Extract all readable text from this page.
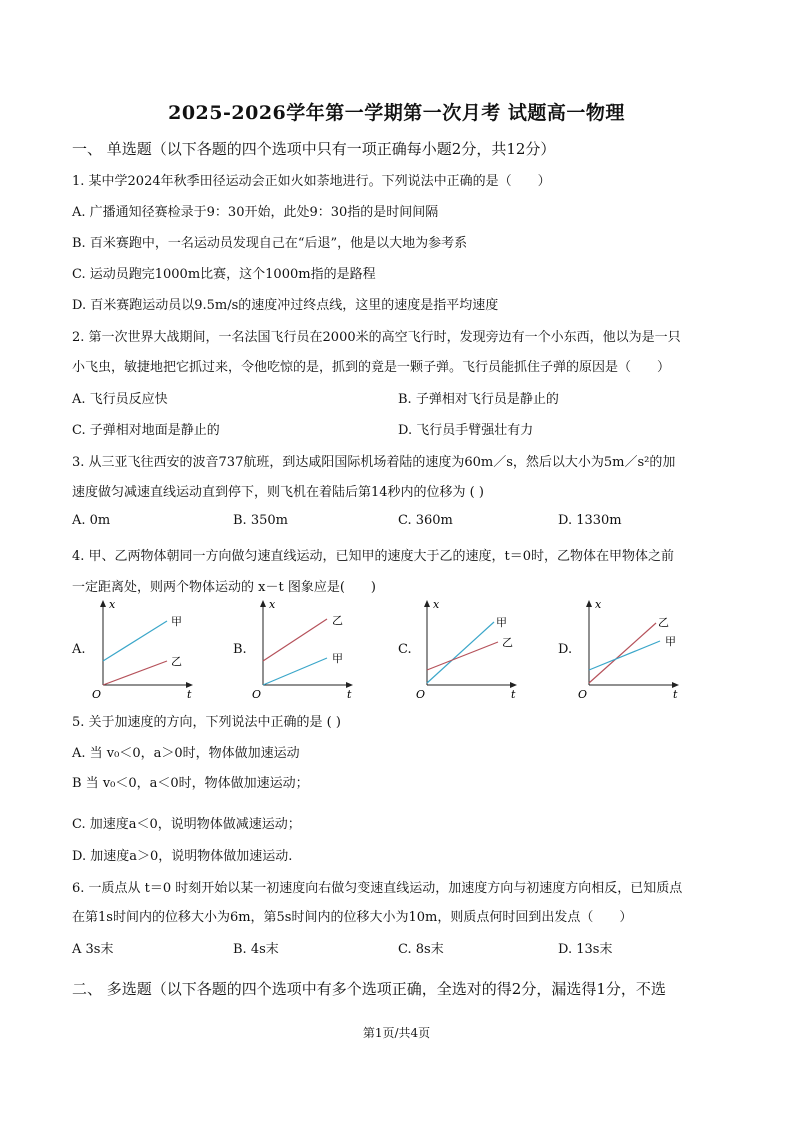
2025-2026学年第一学期第一次月考 试题高一物理
一、 单选题（以下各题的四个选项中只有一项正确每小题2分，共12分）
1. 某中学2024年秋季田径运动会正如火如荼地进行。下列说法中正确的是（　　）
A. 广播通知径赛检录于9：30开始，此处9：30指的是时间间隔
B. 百米赛跑中，一名运动员发现自己在“后退”，他是以大地为参考系
C. 运动员跑完1000m比赛，这个1000m指的是路程
D. 百米赛跑运动员以9.5m/s的速度冲过终点线，这里的速度是指平均速度
2. 第一次世界大战期间，一名法国飞行员在2000米的高空飞行时，发现旁边有一个小东西，他以为是一只
小飞虫，敏捷地把它抓过来，令他吃惊的是，抓到的竟是一颗子弹。飞行员能抓住子弹的原因是（　　）
A. 飞行员反应快	B. 子弹相对飞行员是静止的
C. 子弹相对地面是静止的	D. 飞行员手臂强壮有力
3. 从三亚飞往西安的波音737航班，到达咸阳国际机场着陆的速度为60m／s，然后以大小为5m／s²的加
速度做匀减速直线运动直到停下，则飞机在着陆后第14秒内的位移为 ( )
A. 0m	B. 350m	C. 360m	D. 1330m
4. 甲、乙两物体朝同一方向做匀速直线运动，已知甲的速度大于乙的速度，t＝0时，乙物体在甲物体之前
一定距离处，则两个物体运动的 x－t 图象应是(　　)
A.
x
t
O
甲
乙
B.
x
t
O
乙
甲
C.
x
t
O
甲
乙	D.
x
t
O
乙
甲
5. 关于加速度的方向，下列说法中正确的是 ( )
A. 当 v₀＜0，a＞0时，物体做加速运动
B 当 v₀＜0，a＜0时，物体做加速运动；
C. 加速度a＜0，说明物体做减速运动；
D. 加速度a＞0，说明物体做加速运动.
6. 一质点从 t＝0 时刻开始以某一初速度向右做匀变速直线运动，加速度方向与初速度方向相反，已知质点
在第1s时间内的位移大小为6m，第5s时间内的位移大小为10m，则质点何时回到出发点（　　）
A 3s末	B. 4s末	C. 8s末	D. 13s末
二、 多选题（以下各题的四个选项中有多个选项正确，全选对的得2分，漏选得1分，不选
第1页/共4页
